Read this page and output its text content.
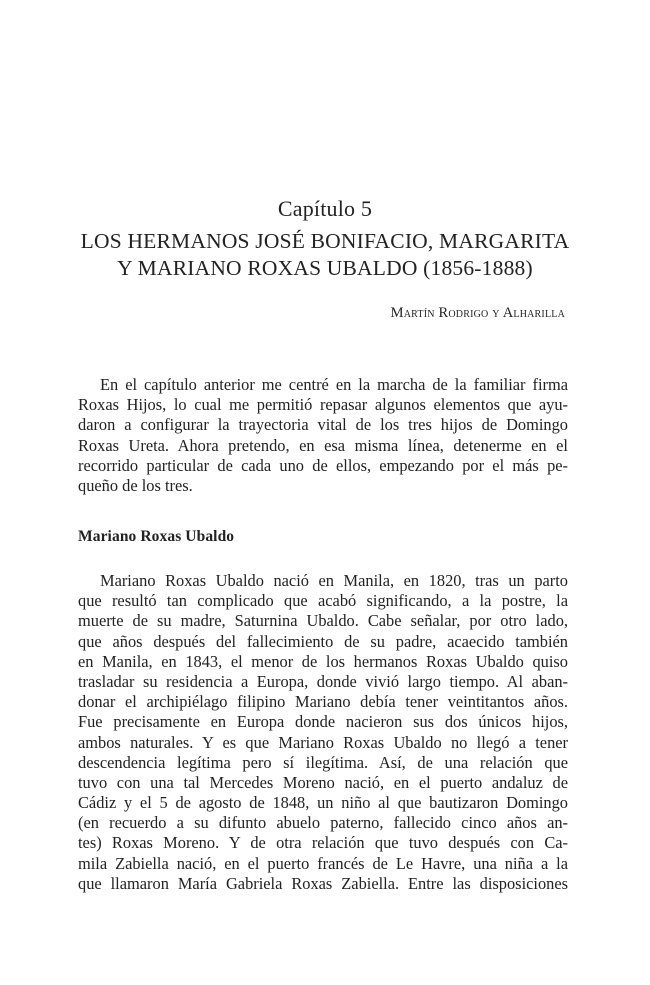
Capítulo 5
LOS HERMANOS JOSÉ BONIFACIO, MARGARITA
Y MARIANO ROXAS UBALDO (1856-1888)
Martín Rodrigo y Alharilla
En el capítulo anterior me centré en la marcha de la familiar firma
Roxas Hijos, lo cual me permitió repasar algunos elementos que ayu-
daron a configurar la trayectoria vital de los tres hijos de Domingo
Roxas Ureta. Ahora pretendo, en esa misma línea, detenerme en el
recorrido particular de cada uno de ellos, empezando por el más pe-
queño de los tres.
Mariano Roxas Ubaldo
Mariano Roxas Ubaldo nació en Manila, en 1820, tras un parto
que resultó tan complicado que acabó significando, a la postre, la
muerte de su madre, Saturnina Ubaldo. Cabe señalar, por otro lado,
que años después del fallecimiento de su padre, acaecido también
en Manila, en 1843, el menor de los hermanos Roxas Ubaldo quiso
trasladar su residencia a Europa, donde vivió largo tiempo. Al aban-
donar el archipiélago filipino Mariano debía tener veintitantos años.
Fue precisamente en Europa donde nacieron sus dos únicos hijos,
ambos naturales. Y es que Mariano Roxas Ubaldo no llegó a tener
descendencia legítima pero sí ilegítima. Así, de una relación que
tuvo con una tal Mercedes Moreno nació, en el puerto andaluz de
Cádiz y el 5 de agosto de 1848, un niño al que bautizaron Domingo
(en recuerdo a su difunto abuelo paterno, fallecido cinco años an-
tes) Roxas Moreno. Y de otra relación que tuvo después con Ca-
mila Zabiella nació, en el puerto francés de Le Havre, una niña a la
que llamaron María Gabriela Roxas Zabiella. Entre las disposiciones
